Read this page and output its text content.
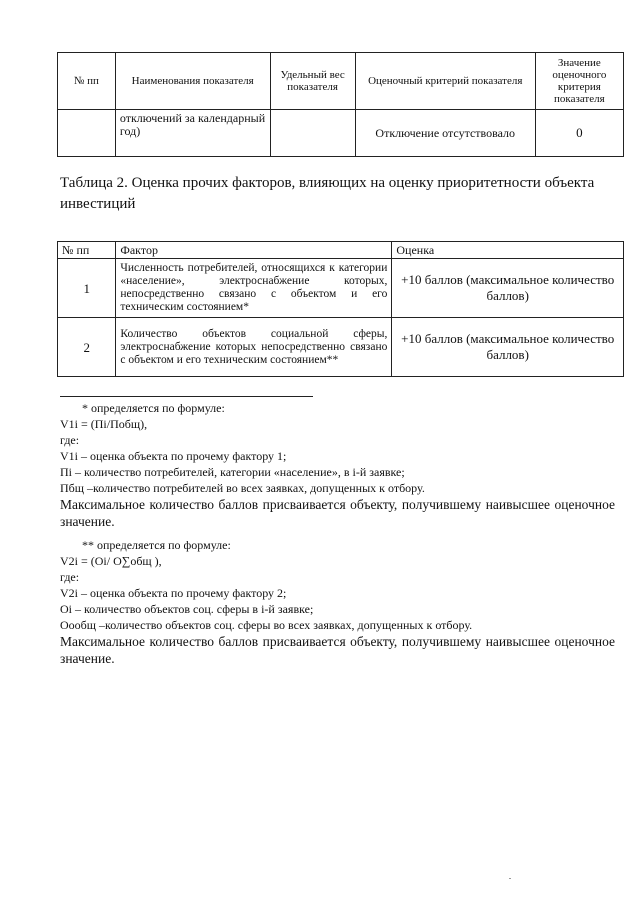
№ пп	Наименования показателя	Удельный вес показателя	Оценочный критерий показателя	Значение оценочного критерия показателя
	отключений за календарный год)		Отключение отсутствовало	0

Таблица 2. Оценка прочих факторов, влияющих на оценку приоритетности объекта инвестиций

№ пп	Фактор	Оценка
1	Численность потребителей, относящихся к категории «население», электроснабжение которых, непосредственно связано с объектом и его техническим состоянием*	+10 баллов (максимальное количество баллов)
2	Количество объектов социальной сферы, электроснабжение которых непосредственно связано с объектом и его техническим состоянием**	+10 баллов (максимальное количество баллов)

* определяется по формуле:

V1i = (Пi/Побщ),

где:

V1i – оценка объекта по прочему фактору 1;

Пi – количество потребителей, категории «население», в i-й заявке;

Пбщ –количество потребителей во всех заявках, допущенных к отбору.

Максимальное количество баллов присваивается объекту, получившему наивысшее оценочное значение.

** определяется по формуле:

V2i = (Oi/ О∑общ ),

где:

V2i – оценка объекта по прочему фактору 2;

Oi – количество объектов соц. сферы в i-й заявке;

Оообщ –количество объектов соц. сферы во всех заявках, допущенных к отбору.

Максимальное количество баллов присваивается объекту, получившему наивысшее оценочное значение.
